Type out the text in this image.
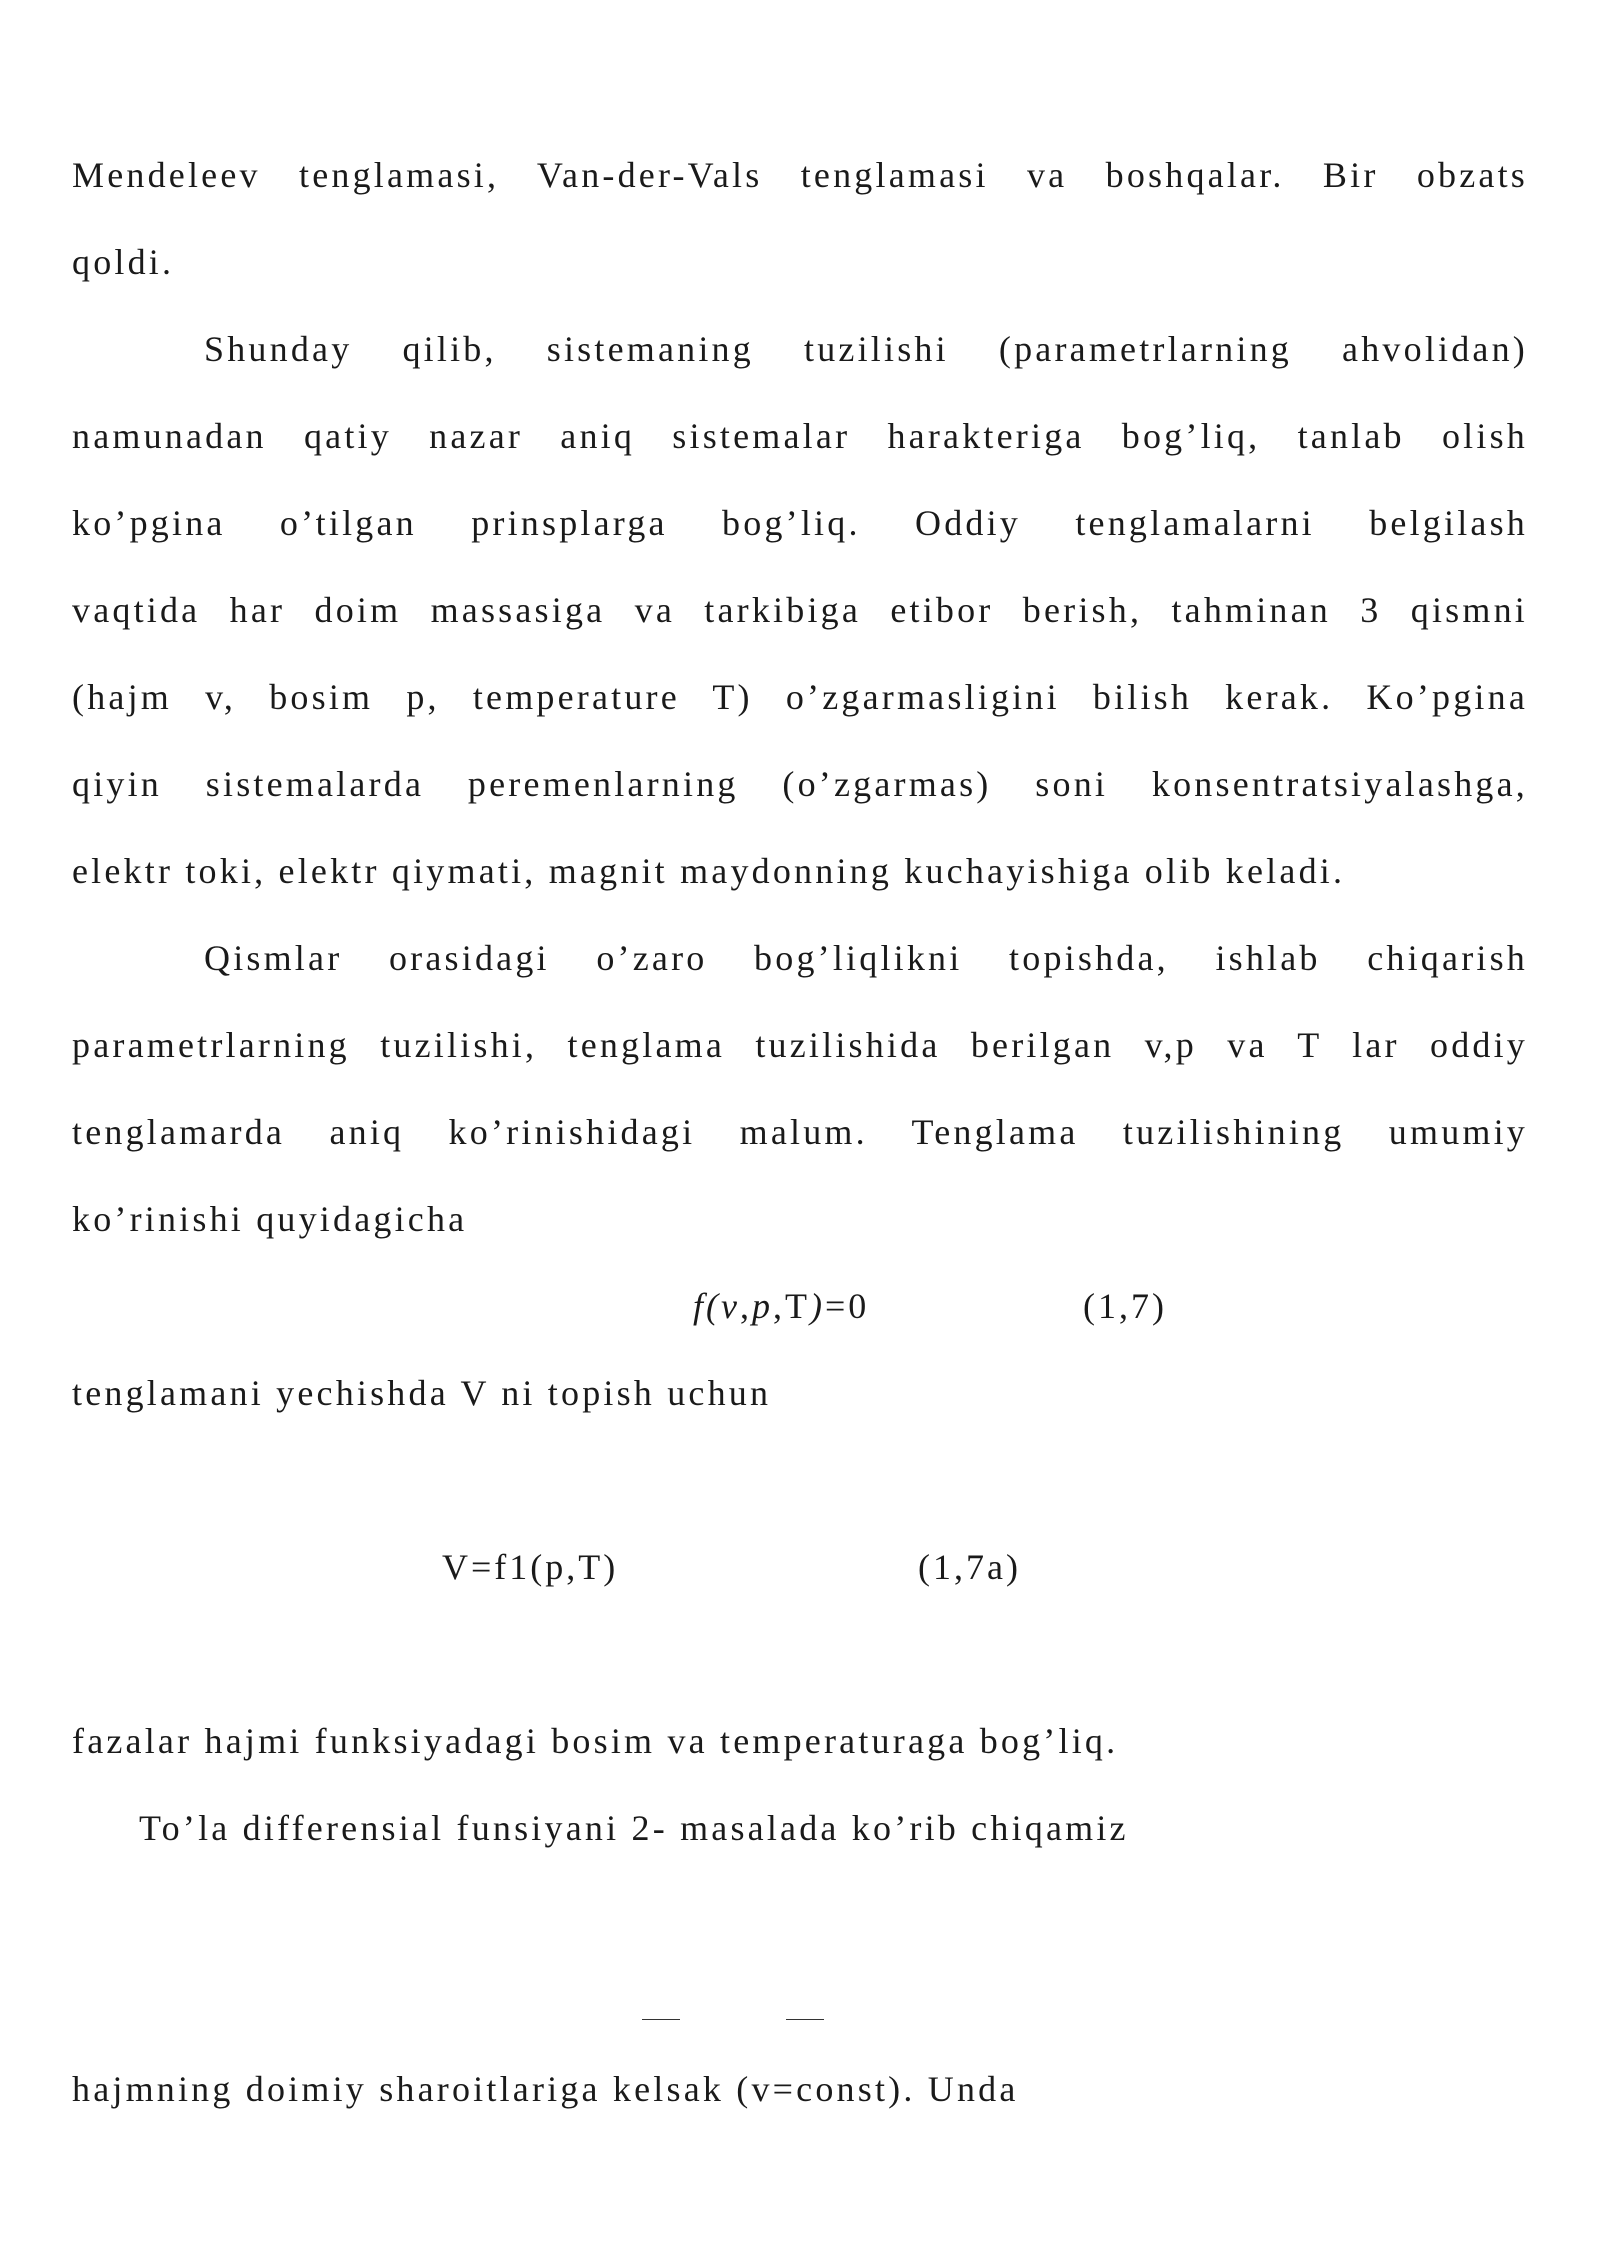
Mendeleev tenglamasi, Van-der-Vals tenglamasi va boshqalar. Bir obzats
qoldi.
Shunday qilib, sistemaning tuzilishi (parametrlarning ahvolidan)
namunadan qatiy nazar aniq sistemalar harakteriga bog’liq, tanlab olish
ko’pgina o’tilgan prinsplarga bog’liq. Oddiy tenglamalarni belgilash
vaqtida har doim massasiga va tarkibiga etibor berish, tahminan 3 qismni
(hajm v, bosim p, temperature T) o’zgarmasligini bilish kerak. Ko’pgina
qiyin sistemalarda peremenlarning (o’zgarmas) soni konsentratsiyalashga,
elektr toki, elektr qiymati, magnit maydonning kuchayishiga olib keladi.
Qismlar orasidagi o’zaro bog’liqlikni topishda, ishlab chiqarish
parametrlarning tuzilishi, tenglama tuzilishida berilgan v,p va T lar oddiy
tenglamarda aniq ko’rinishidagi malum. Tenglama tuzilishining umumiy
ko’rinishi quyidagicha
f(v,p,T)=0	(1,7)
tenglamani yechishda V ni topish uchun
V=f1(p,T)	(1,7a)
fazalar hajmi funksiyadagi bosim va temperaturaga bog’liq.
To’la differensial funsiyani 2- masalada ko’rib chiqamiz
hajmning doimiy sharoitlariga kelsak (v=const). Unda
